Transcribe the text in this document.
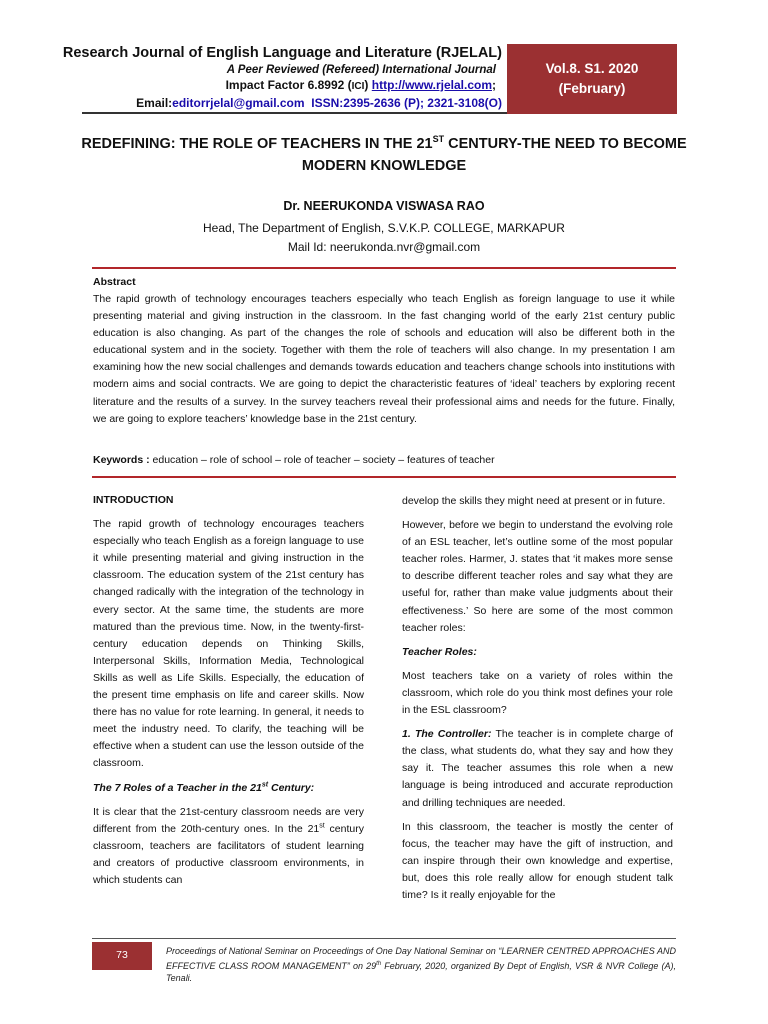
Research Journal of English Language and Literature (RJELAL)
A Peer Reviewed (Refereed) International Journal
Impact Factor 6.8992 (ICI) http://www.rjelal.com;
Email:editorrjelal@gmail.com ISSN:2395-2636 (P); 2321-3108(O)
Vol.8. S1. 2020
(February)
REDEFINING: THE ROLE OF TEACHERS IN THE 21ST CENTURY-THE NEED TO BECOME MODERN KNOWLEDGE
Dr. NEERUKONDA VISWASA RAO
Head, The Department of English, S.V.K.P. COLLEGE, MARKAPUR
Mail Id: neerukonda.nvr@gmail.com
Abstract
The rapid growth of technology encourages teachers especially who teach English as foreign language to use it while presenting material and giving instruction in the classroom. In the fast changing world of the early 21st century public education is also changing. As part of the changes the role of schools and education will also be different both in the educational system and in the society. Together with them the role of teachers will also change. In my presentation I am examining how the new social challenges and demands towards education and teachers change schools into institutions with modern aims and social contracts. We are going to depict the characteristic features of ‘ideal’ teachers by exploring recent literature and the results of a survey. In the survey teachers reveal their professional aims and needs for the future. Finally, we are going to explore teachers’ knowledge base in the 21st century.
Keywords : education – role of school – role of teacher – society – features of teacher
INTRODUCTION

The rapid growth of technology encourages teachers especially who teach English as a foreign language to use it while presenting material and giving instruction in the classroom. The education system of the 21st century has changed radically with the integration of the technology in every sector. At the same time, the students are more matured than the previous time. Now, in the twenty-first-century education depends on Thinking Skills, Interpersonal Skills, Information Media, Technological Skills as well as Life Skills. Especially, the education of the present time emphasis on life and career skills. Now there has no value for rote learning. In general, it needs to meet the industry need. To clarify, the teaching will be effective when a student can use the lesson outside of the classroom.

The 7 Roles of a Teacher in the 21st Century:

It is clear that the 21st-century classroom needs are very different from the 20th-century ones. In the 21st century classroom, teachers are facilitators of student learning and creators of productive classroom environments, in which students can

develop the skills they might need at present or in future.

However, before we begin to understand the evolving role of an ESL teacher, let’s outline some of the most popular teacher roles. Harmer, J. states that ‘it makes more sense to describe different teacher roles and say what they are useful for, rather than make value judgments about their effectiveness.’ So here are some of the most common teacher roles:

Teacher Roles:

Most teachers take on a variety of roles within the classroom, which role do you think most defines your role in the ESL classroom?

1. The Controller: The teacher is in complete charge of the class, what students do, what they say and how they say it. The teacher assumes this role when a new language is being introduced and accurate reproduction and drilling techniques are needed.

In this classroom, the teacher is mostly the center of focus, the teacher may have the gift of instruction, and can inspire through their own knowledge and expertise, but, does this role really allow for enough student talk time? Is it really enjoyable for the

73	Proceedings of National Seminar on Proceedings of One Day National Seminar on “LEARNER CENTRED APPROACHES AND EFFECTIVE CLASS ROOM MANAGEMENT” on 29th February, 2020, organized By Dept of English, VSR & NVR College (A), Tenali.
